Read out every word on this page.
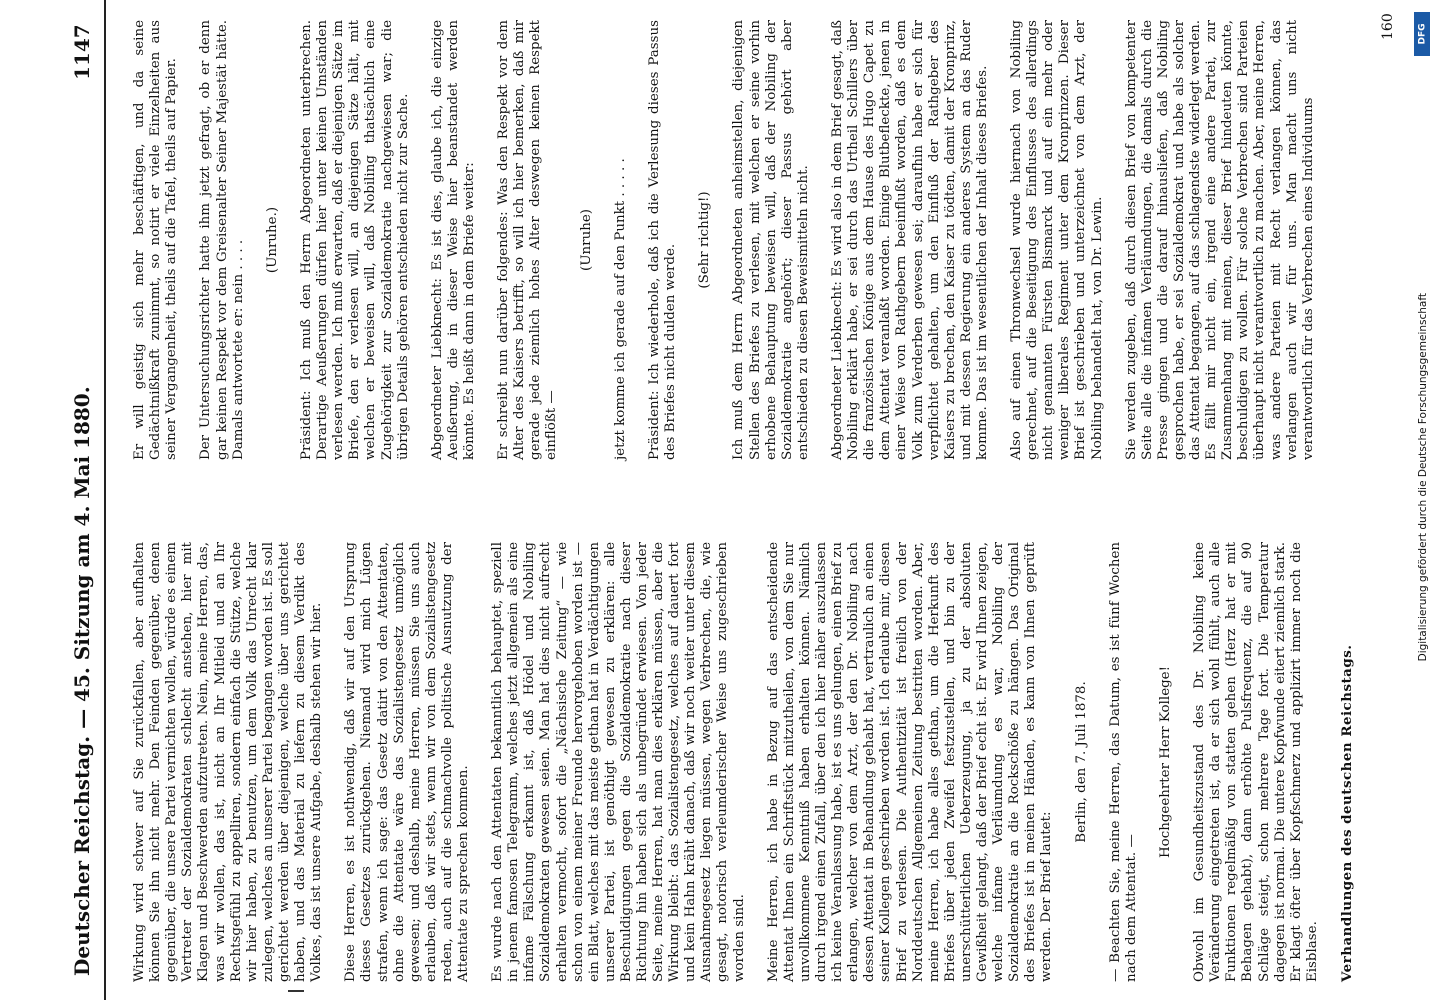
Deutscher Reichstag. — 45. Sitzung am 4. Mai 1880.
1147

Wirkung wird schwer auf Sie zurückfallen, aber aufhalten können Sie ihn nicht mehr. Den Feinden gegenüber, denen gegenüber, die unsere Partei vernichten wollen, würde es einem Vertreter der Sozialdemokraten schlecht anstehen, hier mit Klagen und Beschwerden aufzutreten. Nein, meine Herren, das, was wir wollen, das ist, nicht an Ihr Mitleid und an Ihr Rechtsgefühl zu appelliren, sondern einfach die Stütze, welche wir hier haben, zu benutzen, um dem Volk das Unrecht klar zulegen, welches an unserer Partei begangen worden ist. Es soll gerichtet werden über diejenigen, welche über uns gerichtet haben, und das Material zu liefern zu diesem Verdikt des Volkes, das ist unsere Aufgabe, deshalb stehen wir hier. Diese Herren, es ist nothwendig, daß wir auf den Ursprung dieses Gesetzes zurückgehen. Niemand wird mich Lügen strafen, wenn ich sage: das Gesetz datirt von den Attentaten, ohne die Attentate wäre das Sozialistengesetz unmöglich gewesen; und deshalb, meine Herren, müssen Sie uns auch erlauben, daß wir stets, wenn wir von dem Sozialistengesetz reden, auch auf die schmachvolle politische Ausnutzung der Attentate zu sprechen kommen. Es wurde nach den Attentaten bekanntlich behauptet, speziell in jenem famosen Telegramm, welches jetzt allgemein als eine infame Fälschung erkannt ist, daß Hödel und Nobiling Sozialdemokraten gewesen seien. Man hat dies nicht aufrecht erhalten vermocht, sofort die „Nächsische Zeitung“ — wie schon von einem meiner Freunde hervorgehoben worden ist — ein Blatt, welches mit das meiste gethan hat in Verdächtigungen unserer Partei, ist genöthigt gewesen zu erklären: alle Beschuldigungen gegen die Sozialdemokratie nach dieser Richtung hin haben sich als unbegründet erwiesen. Von jeder Seite, meine Herren, hat man dies erklären müssen, aber die Wirkung bleibt: das Sozialistengesetz, welches auf dauert fort und kein Hahn kräht danach, daß wir noch weiter unter diesem Ausnahmegesetz liegen müssen, wegen Verbrechen, die, wie gesagt, notorisch verleumderischer Weise uns zugeschrieben worden sind. Meine Herren, ich habe in Bezug auf das entscheidende Attentat Ihnen ein Schriftstück mitzutheilen, von dem Sie nur unvollkommene Kenntniß haben erhalten können. Nämlich durch irgend einen Zufall, über den ich hier näher auszulassen ich keine Veranlassung habe, ist es uns gelungen, einen Brief zu erlangen, welcher von dem Arzt, der den Dr. Nobiling nach dessen Attentat in Behandlung gehabt hat, vertraulich an einen seiner Kollegen geschrieben worden ist. Ich erlaube mir, diesen Brief zu verlesen. Die Authentizität ist freilich von der Norddeutschen Allgemeinen Zeitung bestritten worden. Aber, meine Herren, ich habe alles gethan, um die Herkunft des Briefes über jeden Zweifel festzustellen, und bin zu der unerschütterlichen Ueberzeugung, ja zu der absoluten Gewißheit gelangt, daß der Brief echt ist. Er wird Ihnen zeigen, welche infame Verläumdung es war, Nobiling der Sozialdemokratie an die Rockschöße zu hängen. Das Original des Briefes ist in meinen Händen, es kann von Ihnen geprüft werden. Der Brief lautet:

Berlin, den 7. Juli 1878. — Beachten Sie, meine Herren, das Datum, es ist fünf Wochen nach dem Attentat. —

Hochgeehrter Herr Kollege! Obwohl im Gesundheitszustand des Dr. Nobiling keine Veränderung eingetreten ist, da er sich wohl fühlt, auch alle Funktionen regelmäßig von statten gehen (Herz hat er mit Behagen gehabt), dann erhöhte Pulsfrequenz, die auf 90 Schläge steigt, schon mehrere Tage fort. Die Temperatur dagegen ist normal. Die untere Kopfwunde eitert ziemlich stark. Er klagt öfter über Kopfschmerz und applizirt immer noch die Eisblase. Verhandlungen des deutschen Reichstags.

Er will geistig sich mehr beschäftigen, und da seine Gedächtnißkraft zunimmt, so notirt er viele Einzelheiten aus seiner Vergangenheit, theils auf die Tafel, theils auf Papier. Der Untersuchungsrichter hatte ihm jetzt gefragt, ob er denn gar keinen Respekt vor dem Greisenalter Seiner Majestät hätte. Damals antwortete er: nein . . . . (Unruhe.) Präsident: Ich muß den Herrn Abgeordneten unterbrechen. Derartige Aeußerungen dürfen hier unter keinen Umständen verlesen werden. Ich muß erwarten, daß er diejenigen Sätze im Briefe, den er verlesen will, an diejenigen Sätze hält, mit welchen er beweisen will, daß Nobiling thatsächlich eine Zugehörigkeit zur Sozialdemokratie nachgewiesen war; die übrigen Details gehören entschieden nicht zur Sache. Abgeordneter Liebknecht: Es ist dies, glaube ich, die einzige Aeußerung, die in dieser Weise hier beanstandet werden könnte. Es heißt dann in dem Briefe weiter: Er schreibt nun darüber folgendes: Was den Respekt vor dem Alter des Kaisers betrifft, so will ich hier bemerken, daß mir gerade jede ziemlich hohes Alter deswegen keinen Respekt einflößt —

(Unruhe) jetzt komme ich gerade auf den Punkt . . . . . Präsident: Ich wiederhole, daß ich die Verlesung dieses Passus des Briefes nicht dulden werde.

(Sehr richtig!) Ich muß dem Herrn Abgeordneten anheimstellen, diejenigen Stellen des Briefes zu verlesen, mit welchen er seine vorhin erhobene Behauptung beweisen will, daß der Nobiling der Sozialdemokratie angehört; dieser Passus gehört aber entschieden zu diesen Beweismitteln nicht. Abgeordneter Liebknecht: Es wird also in dem Brief gesagt, daß Nobiling erklärt habe, er sei durch das Urtheil Schillers über die französischen Könige aus dem Hause des Hugo Capet zu dem Attentat veranlaßt worden. Einige Blutbefleckte, jenen in einer Weise von Rathgebern beeinflußt worden, daß es dem Volk zum Verderben gewesen sei; daraufhin habe er sich für verpflichtet gehalten, um den Einfluß der Rathgeber des Kaisers zu brechen, den Kaiser zu tödten, damit der Kronprinz, und mit dessen Regierung ein anderes System an das Ruder komme. Das ist im wesentlichen der Inhalt dieses Briefes. Also auf einen Thronwechsel wurde hiernach von Nobiling gerechnet, auf die Beseitigung des Einflusses des allerdings nicht genannten Fürsten Bismarck und auf ein mehr oder weniger liberales Regiment unter dem Kronprinzen. Dieser Brief ist geschrieben und unterzeichnet von dem Arzt, der Nobiling behandelt hat, von Dr. Lewin. Sie werden zugeben, daß durch diesen Brief von kompetenter Seite alle die infamen Verläumdungen, die damals durch die Presse gingen und die darauf hinausliefen, daß Nobiling gesprochen habe, er sei Sozialdemokrat und habe als solcher das Attentat begangen, auf das schlagendste widerlegt werden. Es fällt mir nicht ein, irgend eine andere Partei, zur Zusammenhang mit meinen, dieser Brief hindeuten könnte, beschuldigen zu wollen. Für solche Verbrechen sind Parteien überhaupt nicht verantwortlich zu machen. Aber, meine Herren, was andere Parteien mit Recht verlangen können, das verlangen auch wir für uns. Man macht uns nicht verantwortlich für das Verbrechen eines Individuums

160 DFG
Digitalisierung gefördert durch die Deutsche Forschungsgemeinschaft
